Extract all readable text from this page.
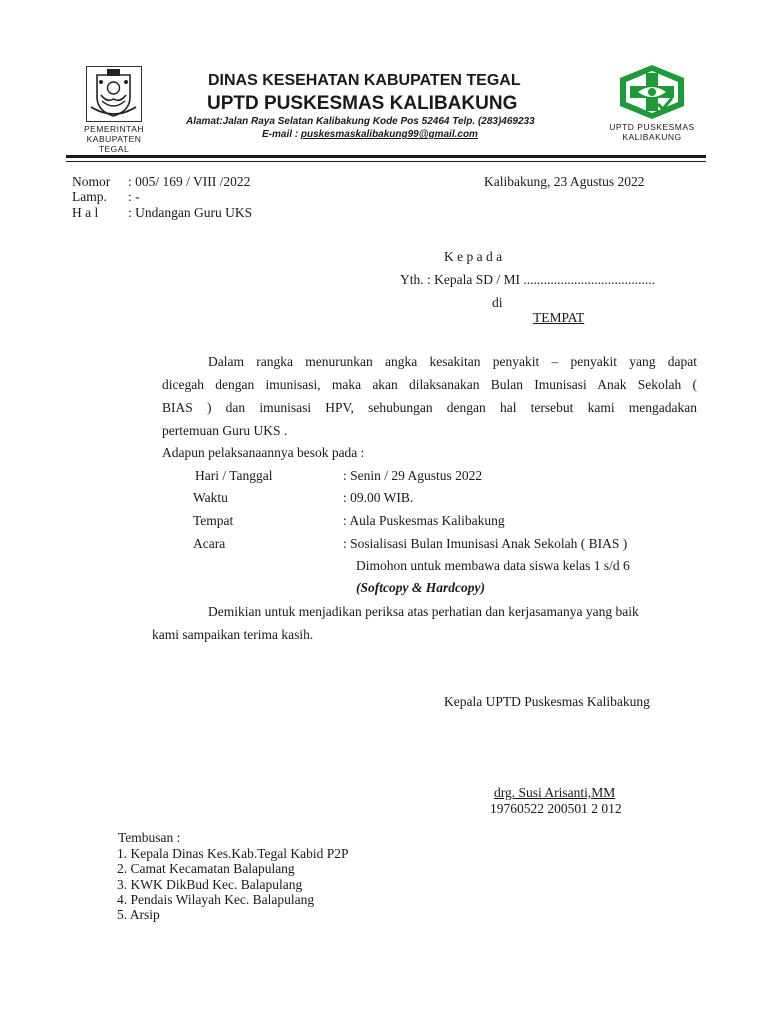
PEMERINTAH
KABUPATEN
TEGAL
DINAS KESEHATAN KABUPATEN TEGAL
UPTD PUSKESMAS KALIBAKUNG
Alamat:Jalan Raya Selatan Kalibakung Kode Pos 52464 Telp. (283)469233
E-mail : puskesmaskalibakung99@gmail.com
UPTD PUSKESMAS
KALIBAKUNG
Nomor : 005/ 169 / VIII /2022	Kalibakung, 23 Agustus 2022
Lamp. : -
H a l : Undangan Guru UKS
K e p a d a
Yth. : Kepala SD / MI .......................................
di
TEMPAT
Dalam rangka menurunkan angka kesakitan penyakit – penyakit yang dapat
dicegah dengan imunisasi, maka akan dilaksanakan Bulan Imunisasi Anak Sekolah (
BIAS ) dan imunisasi HPV, sehubungan dengan hal tersebut kami mengadakan
pertemuan Guru UKS .
Adapun pelaksanaannya besok pada :
Hari / Tanggal	: Senin / 29 Agustus 2022
Waktu	: 09.00 WIB.
Tempat	: Aula Puskesmas Kalibakung
Acara	: Sosialisasi Bulan Imunisasi Anak Sekolah ( BIAS )
Dimohon untuk membawa data siswa kelas 1 s/d 6
(Softcopy & Hardcopy)
Demikian untuk menjadikan periksa atas perhatian dan kerjasamanya yang baik
kami sampaikan terima kasih.
Kepala UPTD Puskesmas Kalibakung
drg. Susi Arisanti,MM
19760522 200501 2 012
Tembusan :
1. Kepala Dinas Kes.Kab.Tegal Kabid P2P
2. Camat Kecamatan Balapulang
3. KWK DikBud Kec. Balapulang
4. Pendais Wilayah Kec. Balapulang
5. Arsip
